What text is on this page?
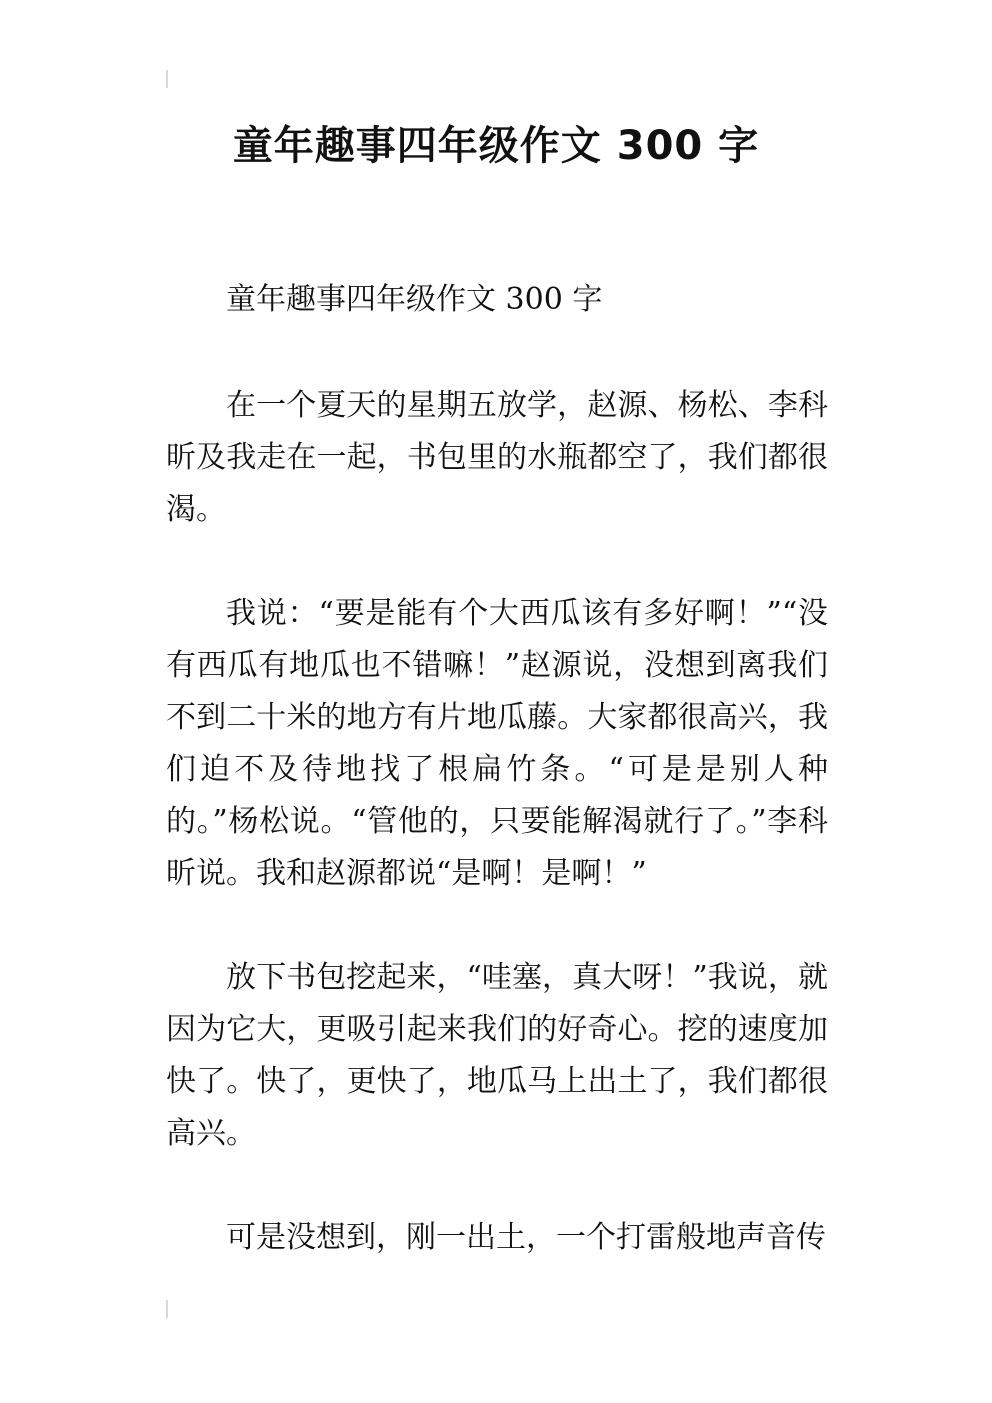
童年趣事四年级作文 300 字

童年趣事四年级作文 300 字

在一个夏天的星期五放学，赵源、杨松、李科昕及我走在一起，书包里的水瓶都空了，我们都很渴。

我说：“要是能有个大西瓜该有多好啊！”“没有西瓜有地瓜也不错嘛！”赵源说，没想到离我们不到二十米的地方有片地瓜藤。大家都很高兴，我们迫不及待地找了根扁竹条。“可是是别人种的。”杨松说。“管他的，只要能解渴就行了。”李科昕说。我和赵源都说“是啊！是啊！”

放下书包挖起来，“哇塞，真大呀！”我说，就因为它大，更吸引起来我们的好奇心。挖的速度加快了。快了，更快了，地瓜马上出土了，我们都很高兴。

可是没想到，刚一出土，一个打雷般地声音传
